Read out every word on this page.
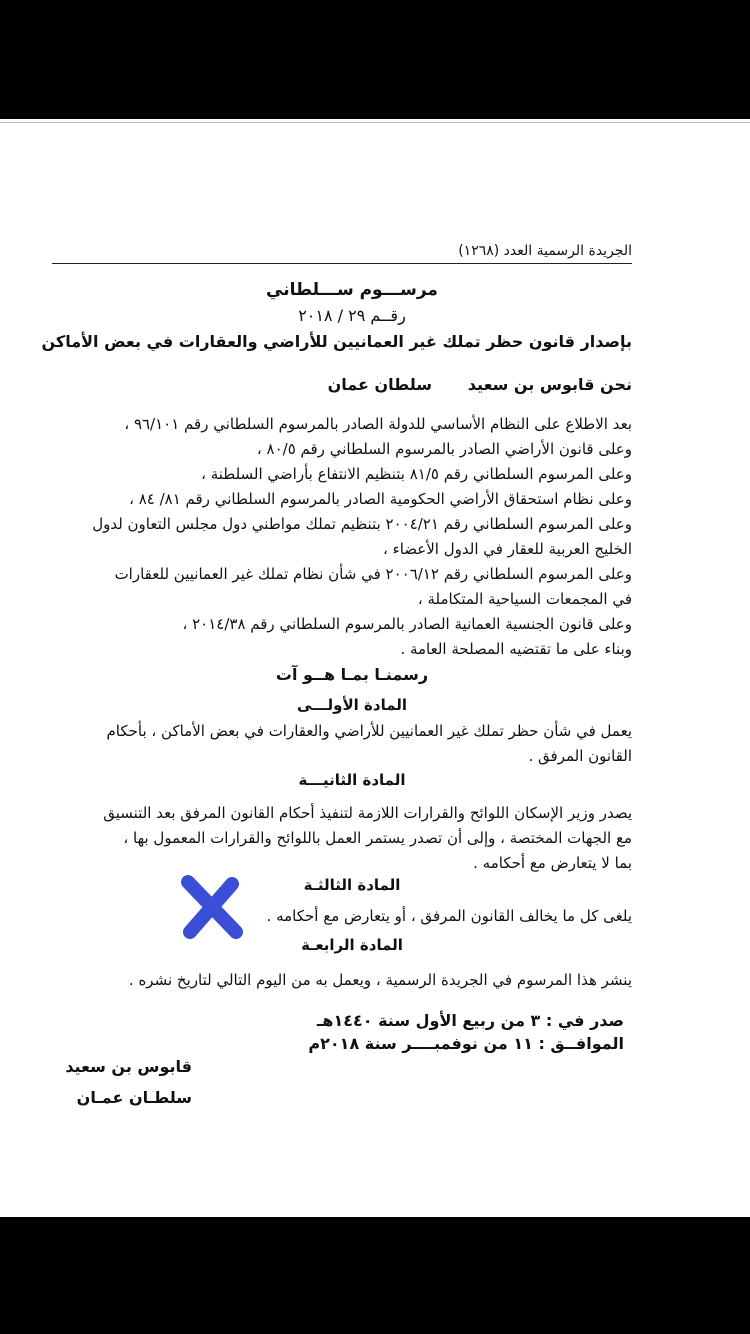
الجريدة الرسمية العدد (١٢٦٨)

مرســـوم ســـلطاني

رقــم ٢٩ / ٢٠١٨

بإصدار قانون حظر تملك غير العمانيين للأراضي والعقارات في بعض الأماكن

نحن قابوس بن سعيد

سلطان عمان

بعد الاطلاع على النظام الأساسي للدولة الصادر بالمرسوم السلطاني رقم ٩٦/١٠١ ،

وعلى قانون الأراضي الصادر بالمرسوم السلطاني رقم ٨٠/٥ ،

وعلى المرسوم السلطاني رقم ٨١/٥ بتنظيم الانتفاع بأراضي السلطنة ،

وعلى نظام استحقاق الأراضي الحكومية الصادر بالمرسوم السلطاني رقم ٨١/ ٨٤ ،

وعلى المرسوم السلطاني رقم ٢٠٠٤/٢١ بتنظيم تملك مواطني دول مجلس التعاون لدول

الخليج العربية للعقار في الدول الأعضاء ،

وعلى المرسوم السلطاني رقم ٢٠٠٦/١٢ في شأن نظام تملك غير العمانيين للعقارات

في المجمعات السياحية المتكاملة ،

وعلى قانون الجنسية العمانية الصادر بالمرسوم السلطاني رقم ٢٠١٤/٣٨ ،

وبناء على ما تقتضيه المصلحة العامة .

رسمنـا بمـا هــو آت

المادة الأولـــى

يعمل في شأن حظر تملك غير العمانيين للأراضي والعقارات في بعض الأماكن ، بأحكام

القانون المرفق .

المادة الثانيـــة

يصدر وزير الإسكان اللوائح والقرارات اللازمة لتنفيذ أحكام القانون المرفق بعد التنسيق

مع الجهات المختصة ، وإلى أن تصدر يستمر العمل باللوائح والقرارات المعمول بها ،

بما لا يتعارض مع أحكامه .

المادة الثالثـة

يلغى كل ما يخالف القانون المرفق ، أو يتعارض مع أحكامه .

المادة الرابعـة

ينشر هذا المرسوم في الجريدة الرسمية ، ويعمل به من اليوم التالي لتاريخ نشره .

صدر في : ٣ من ربيع الأول سنة ١٤٤٠هـ

الموافــق : ١١ من نوفمبــــر سنة ٢٠١٨م

قابوس بن سعيد

سلطـان عمـان
